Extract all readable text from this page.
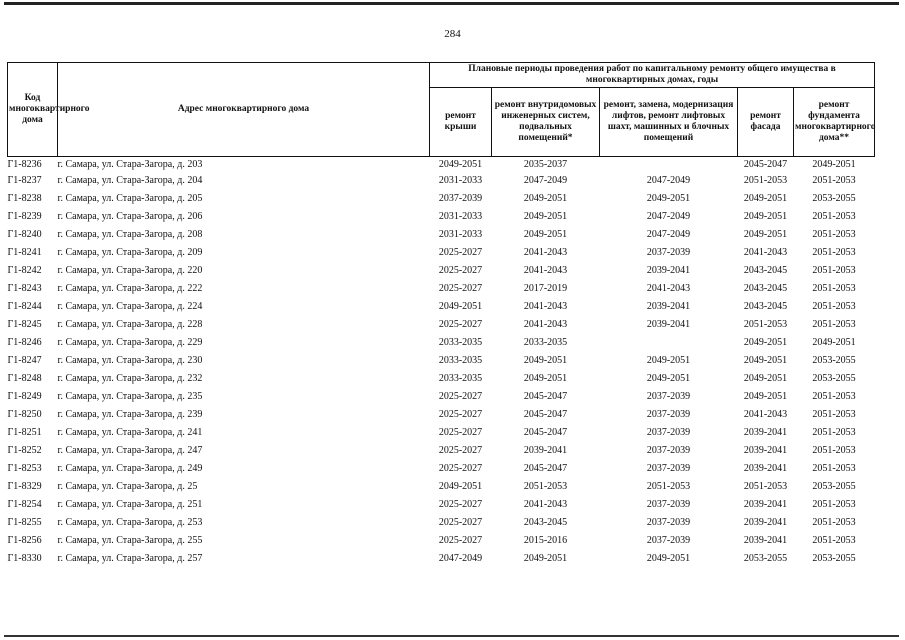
284
Код многоквартирного дома	Адрес многоквартирного дома	Плановые периоды проведения работ по капитальному ремонту общего имущества в многоквартирных домах, годы				
		ремонт крыши	ремонт внутридомовых инженерных систем, подвальных помещений*	ремонт, замена, модернизация лифтов, ремонт лифтовых шахт, машинных и блочных помещений	ремонт фасада	ремонт фундамента многоквартирного дома**
Г1-8236	г. Самара, ул. Стара-Загора, д. 203	2049-2051	2035-2037		2045-2047	2049-2051
Г1-8237	г. Самара, ул. Стара-Загора, д. 204	2031-2033	2047-2049	2047-2049	2051-2053	2051-2053
Г1-8238	г. Самара, ул. Стара-Загора, д. 205	2037-2039	2049-2051	2049-2051	2049-2051	2053-2055
Г1-8239	г. Самара, ул. Стара-Загора, д. 206	2031-2033	2049-2051	2047-2049	2049-2051	2051-2053
Г1-8240	г. Самара, ул. Стара-Загора, д. 208	2031-2033	2049-2051	2047-2049	2049-2051	2051-2053
Г1-8241	г. Самара, ул. Стара-Загора, д. 209	2025-2027	2041-2043	2037-2039	2041-2043	2051-2053
Г1-8242	г. Самара, ул. Стара-Загора, д. 220	2025-2027	2041-2043	2039-2041	2043-2045	2051-2053
Г1-8243	г. Самара, ул. Стара-Загора, д. 222	2025-2027	2017-2019	2041-2043	2043-2045	2051-2053
Г1-8244	г. Самара, ул. Стара-Загора, д. 224	2049-2051	2041-2043	2039-2041	2043-2045	2051-2053
Г1-8245	г. Самара, ул. Стара-Загора, д. 228	2025-2027	2041-2043	2039-2041	2051-2053	2051-2053
Г1-8246	г. Самара, ул. Стара-Загора, д. 229	2033-2035	2033-2035		2049-2051	2049-2051
Г1-8247	г. Самара, ул. Стара-Загора, д. 230	2033-2035	2049-2051	2049-2051	2049-2051	2053-2055
Г1-8248	г. Самара, ул. Стара-Загора, д. 232	2033-2035	2049-2051	2049-2051	2049-2051	2053-2055
Г1-8249	г. Самара, ул. Стара-Загора, д. 235	2025-2027	2045-2047	2037-2039	2049-2051	2051-2053
Г1-8250	г. Самара, ул. Стара-Загора, д. 239	2025-2027	2045-2047	2037-2039	2041-2043	2051-2053
Г1-8251	г. Самара, ул. Стара-Загора, д. 241	2025-2027	2045-2047	2037-2039	2039-2041	2051-2053
Г1-8252	г. Самара, ул. Стара-Загора, д. 247	2025-2027	2039-2041	2037-2039	2039-2041	2051-2053
Г1-8253	г. Самара, ул. Стара-Загора, д. 249	2025-2027	2045-2047	2037-2039	2039-2041	2051-2053
Г1-8329	г. Самара, ул. Стара-Загора, д. 25	2049-2051	2051-2053	2051-2053	2051-2053	2053-2055
Г1-8254	г. Самара, ул. Стара-Загора, д. 251	2025-2027	2041-2043	2037-2039	2039-2041	2051-2053
Г1-8255	г. Самара, ул. Стара-Загора, д. 253	2025-2027	2043-2045	2037-2039	2039-2041	2051-2053
Г1-8256	г. Самара, ул. Стара-Загора, д. 255	2025-2027	2015-2016	2037-2039	2039-2041	2051-2053
Г1-8330	г. Самара, ул. Стара-Загора, д. 257	2047-2049	2049-2051	2049-2051	2053-2055	2053-2055
